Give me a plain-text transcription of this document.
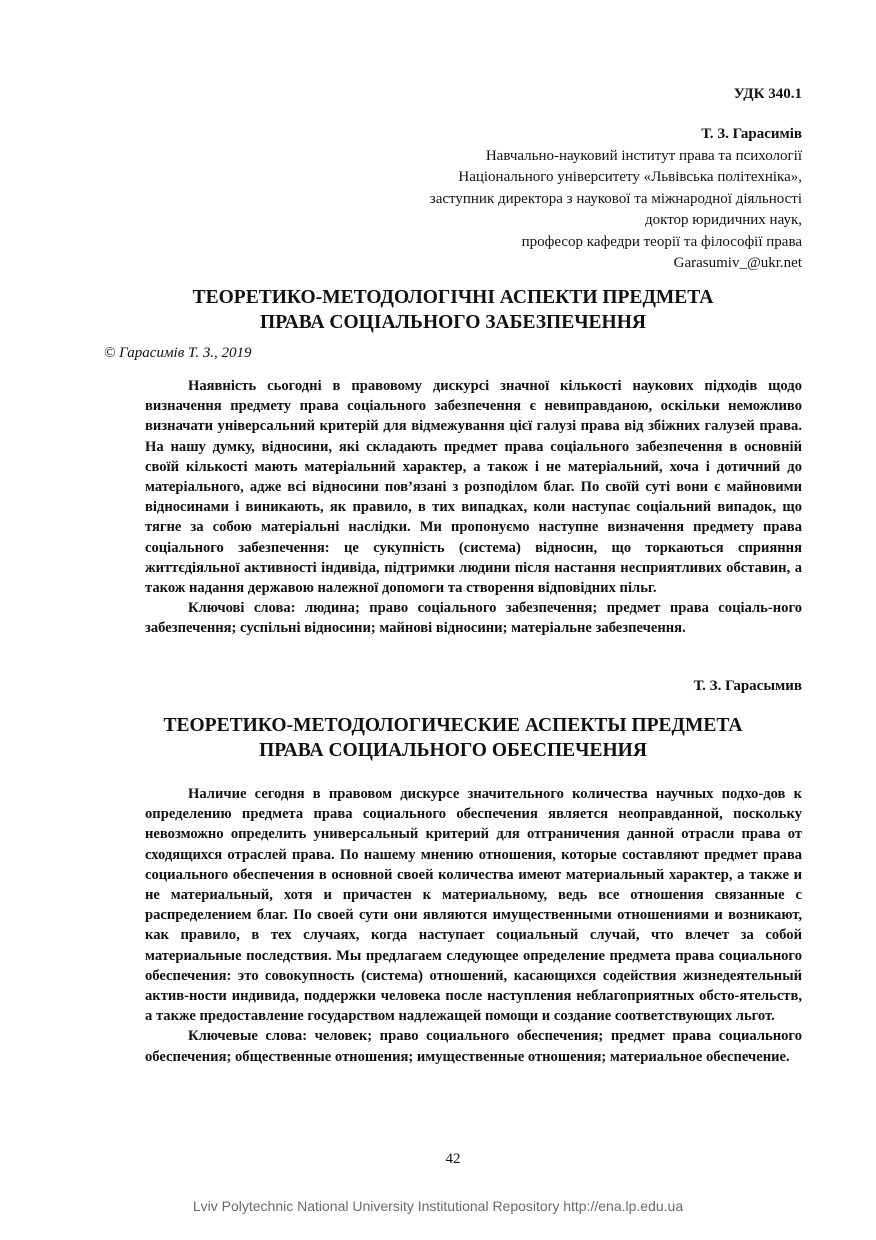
УДК 340.1
Т. З. Гарасимів
Навчально-науковий інститут права та психології
Національного університету «Львівська політехніка»,
заступник директора з наукової та міжнародної діяльності
доктор юридичних наук,
професор кафедри теорії та філософії права
Garasumiv_@ukr.net
ТЕОРЕТИКО-МЕТОДОЛОГІЧНІ АСПЕКТИ ПРЕДМЕТА
ПРАВА СОЦІАЛЬНОГО ЗАБЕЗПЕЧЕННЯ
© Гарасимів Т. З., 2019

Наявність сьогодні в правовому дискурсі значної кількості наукових підходів щодо визначення предмету права соціального забезпечення є невиправданою, оскільки неможливо визначати універсальний критерій для відмежування цієї галузі права від збіжних галузей права. На нашу думку, відносини, які складають предмет права соціального забезпечення в основній своїй кількості мають матеріальний характер, а також і не матеріальний, хоча і дотичний до матеріального, адже всі відносини пов’язані з розподілом благ. По своїй суті вони є майновими відносинами і виникають, як правило, в тих випадках, коли наступає соціальний випадок, що тягне за собою матеріальні наслідки. Ми пропонуємо наступне визначення предмету права соціального забезпечення: це сукупність (система) відносин, що торкаються сприяння життєдіяльної активності індивіда, підтримки людини після настання несприятливих обставин, а також надання державою належної допомоги та створення відповідних пільг.

Ключові слова: людина; право соціального забезпечення; предмет права соціаль-ного забезпечення; суспільні відносини; майнові відносини; матеріальне забезпечення.

Т. З. Гарасымив
ТЕОРЕТИКО-МЕТОДОЛОГИЧЕСКИЕ АСПЕКТЫ ПРЕДМЕТА
ПРАВА СОЦИАЛЬНОГО ОБЕСПЕЧЕНИЯ

Наличие сегодня в правовом дискурсе значительного количества научных подхо-дов к определению предмета права социального обеспечения является неоправданной, поскольку невозможно определить универсальный критерий для отграничения данной отрасли права от сходящихся отраслей права. По нашему мнению отношения, которые составляют предмет права социального обеспечения в основной своей количества имеют материальный характер, а также и не материальный, хотя и причастен к материальному, ведь все отношения связанные с распределением благ. По своей сути они являются имущественными отношениями и возникают, как правило, в тех случаях, когда наступает социальный случай, что влечет за собой материальные последствия. Мы предлагаем следующее определение предмета права социального обеспечения: это совокупность (система) отношений, касающихся содействия жизнедеятельный актив-ности индивида, поддержки человека после наступления неблагоприятных обсто-ятельств, а также предоставление государством надлежащей помощи и создание соответствующих льгот.

Ключевые слова: человек; право социального обеспечения; предмет права социального обеспечения; общественные отношения; имущественные отношения; материальное обеспечение.

42
Lviv Polytechnic National University Institutional Repository http://ena.lp.edu.ua
